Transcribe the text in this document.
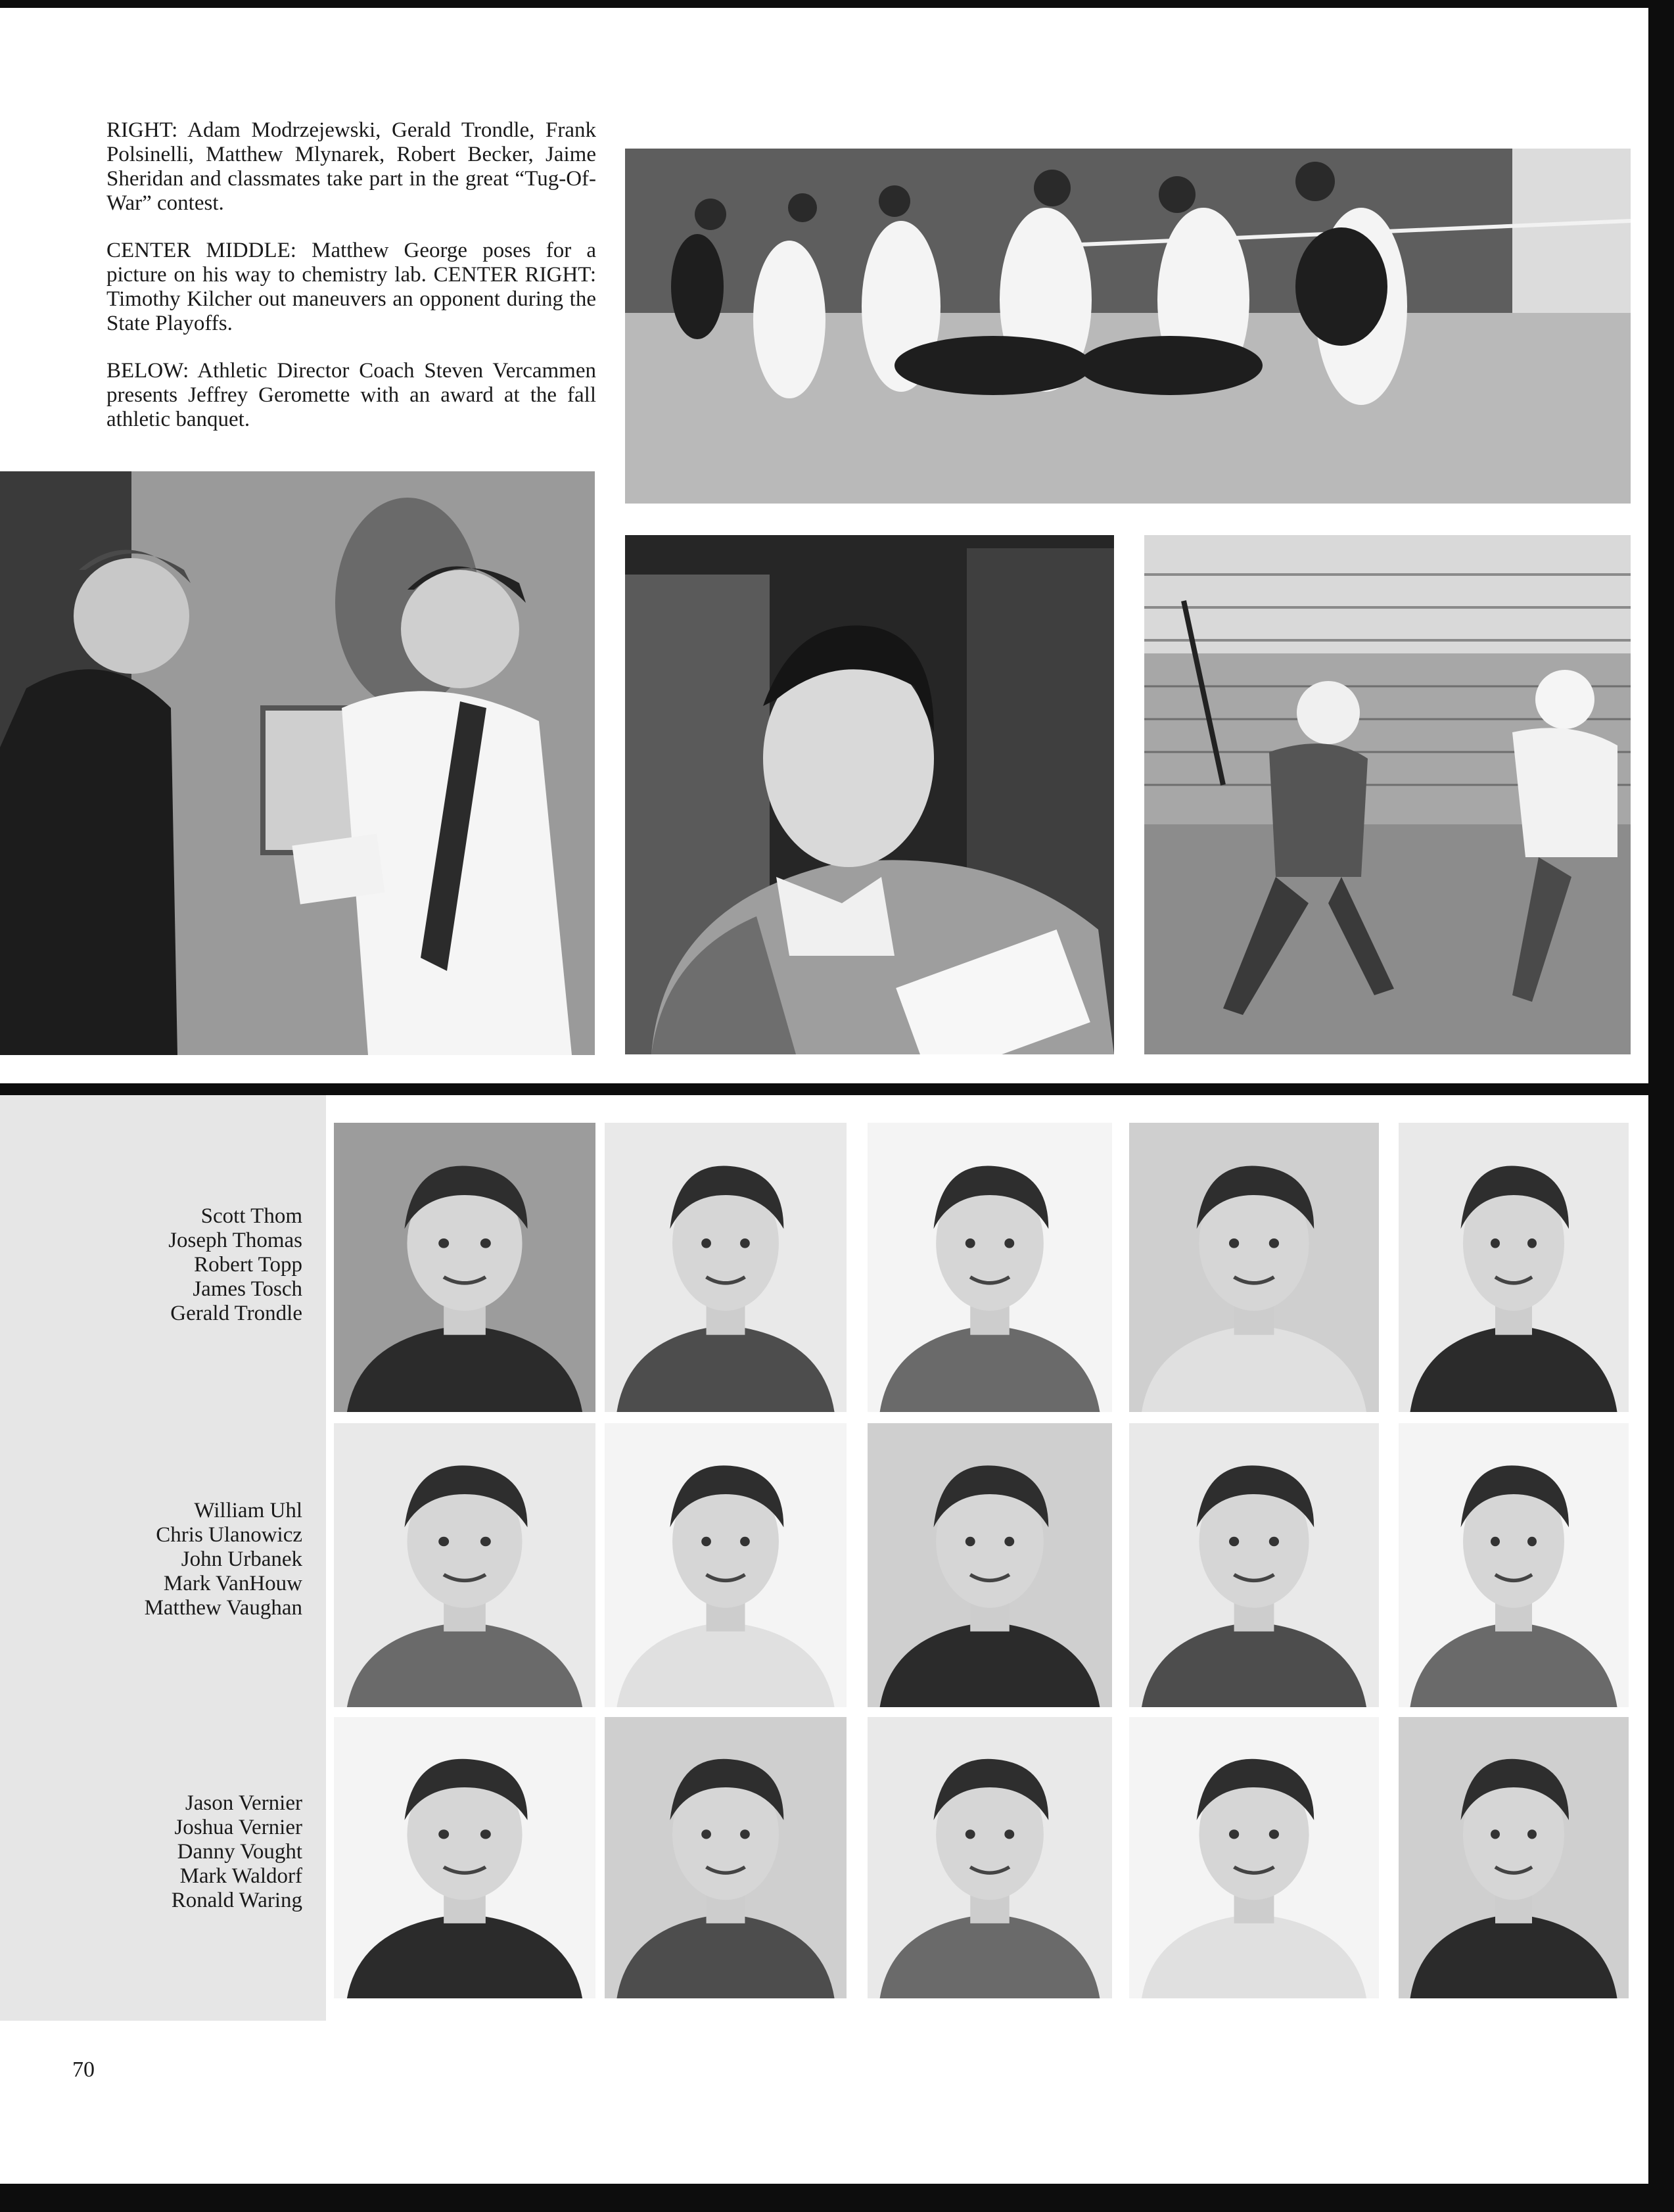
RIGHT: Adam Modrzejewski, Gerald Trondle, Frank Polsinelli, Matthew Mlynarek, Robert Becker, Jaime Sheridan and classmates take part in the great “Tug-Of-War” contest.

CENTER MIDDLE: Matthew George poses for a picture on his way to chemistry lab. CENTER RIGHT: Timothy Kilcher out maneuvers an opponent during the State Playoffs.

BELOW: Athletic Director Coach Steven Vercammen presents Jeffrey Geromette with an award at the fall athletic banquet.

Scott Thom
Joseph Thomas
Robert Topp
James Tosch
Gerald Trondle
William Uhl
Chris Ulanowicz
John Urbanek
Mark VanHouw
Matthew Vaughan
Jason Vernier
Joshua Vernier
Danny Vought
Mark Waldorf
Ronald Waring
70
